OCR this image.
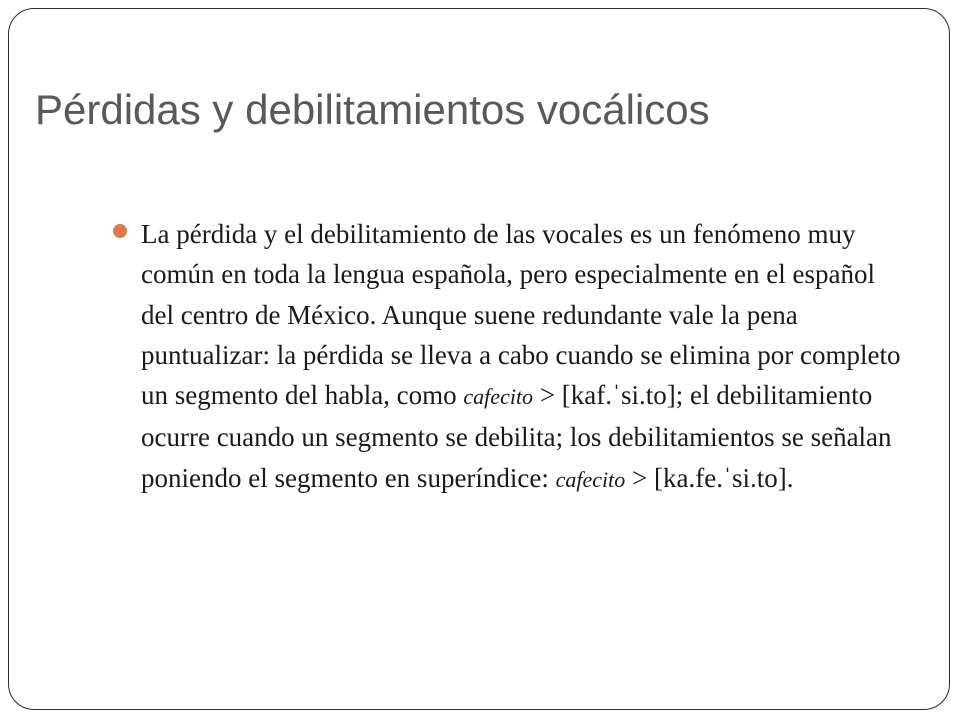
Pérdidas y debilitamientos vocálicos

La pérdida y el debilitamiento de las vocales es un fenómeno muy común en toda la lengua española, pero especialmente en el español del centro de México. Aunque suene redundante vale la pena puntualizar: la pérdida se lleva a cabo cuando se elimina por completo un segmento del habla, como cafecito > [kaf.ˈsi.to]; el debilitamiento ocurre cuando un segmento se debilita; los debilitamientos se señalan poniendo el segmento en superíndice: cafecito > [ka.fe.ˈsi.to].
